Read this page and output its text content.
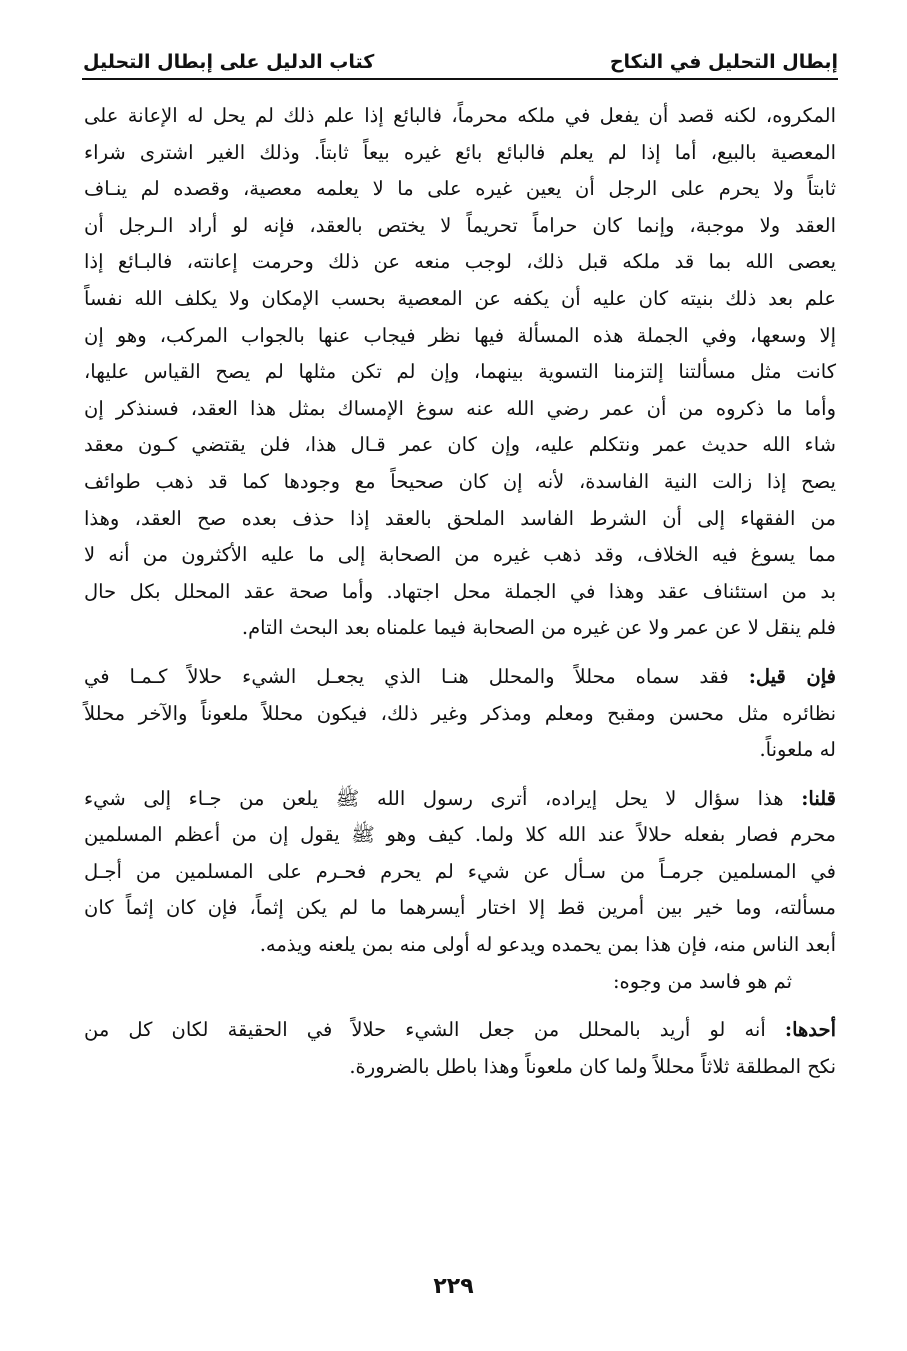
إبطال التحليل في النكاح
كتاب الدليل على إبطال التحليل

المكروه، لكنه قصد أن يفعل في ملكه محرماً، فالبائع إذا علم ذلك لم يحل له الإعانة على
المعصية بالبيع، أما إذا لم يعلم فالبائع بائع غيره بيعاً ثابتاً. وذلك الغير اشترى شراء
ثابتاً ولا يحرم على الرجل أن يعين غيره على ما لا يعلمه معصية، وقصده لم ينـاف
العقد ولا موجبة، وإنما كان حراماً تحريماً لا يختص بالعقد، فإنه لو أراد الـرجل أن
يعصى الله بما قد ملكه قبل ذلك، لوجب منعه عن ذلك وحرمت إعانته، فالبـائع إذا
علم بعد ذلك بنيته كان عليه أن يكفه عن المعصية بحسب الإمكان ولا يكلف الله نفساً
إلا وسعها، وفي الجملة هذه المسألة فيها نظر فيجاب عنها بالجواب المركب، وهو إن
كانت مثل مسألتنا إلتزمنا التسوية بينهما، وإن لم تكن مثلها لم يصح القياس عليها،
وأما ما ذكروه من أن عمر رضي الله عنه سوغ الإمساك بمثل هذا العقد، فسنذكر إن
شاء الله حديث عمر ونتكلم عليه، وإن كان عمر قـال هذا، فلن يقتضي كـون معقد
يصح إذا زالت النية الفاسدة، لأنه إن كان صحيحاً مع وجودها كما قد ذهب طوائف
من الفقهاء إلى أن الشرط الفاسد الملحق بالعقد إذا حذف بعده صح العقد، وهذا
مما يسوغ فيه الخلاف، وقد ذهب غيره من الصحابة إلى ما عليه الأكثرون من أنه لا
بد من استئناف عقد وهذا في الجملة محل اجتهاد. وأما صحة عقد المحلل بكل حال
فلم ينقل لا عن عمر ولا عن غيره من الصحابة فيما علمناه بعد البحث التام.

فإن قيل: فقد سماه محللاً والمحلل هنـا الذي يجعـل الشيء حلالاً كـمـا في
نظائره مثل محسن ومقبح ومعلم ومذكر وغير ذلك، فيكون محللاً ملعوناً والآخر محللاً
له ملعوناً.

قلنا: هذا سؤال لا يحل إيراده، أترى رسول الله ﷺ يلعن من جـاء إلى شيء
محرم فصار بفعله حلالاً عند الله كلا ولما. كيف وهو ﷺ يقول إن من أعظم المسلمين
في المسلمين جرمـاً من سـأل عن شيء لم يحرم فحـرم على المسلمين من أجـل
مسألته، وما خير بين أمرين قط إلا اختار أيسرهما ما لم يكن إثماً، فإن كان إثماً كان
أبعد الناس منه، فإن هذا بمن يحمده ويدعو له أولى منه بمن يلعنه ويذمه.

ثم هو فاسد من وجوه:

أحدها: أنه لو أريد بالمحلل من جعل الشيء حلالاً في الحقيقة لكان كل من
نكح المطلقة ثلاثاً محللاً ولما كان ملعوناً وهذا باطل بالضرورة.

٢٢٩
